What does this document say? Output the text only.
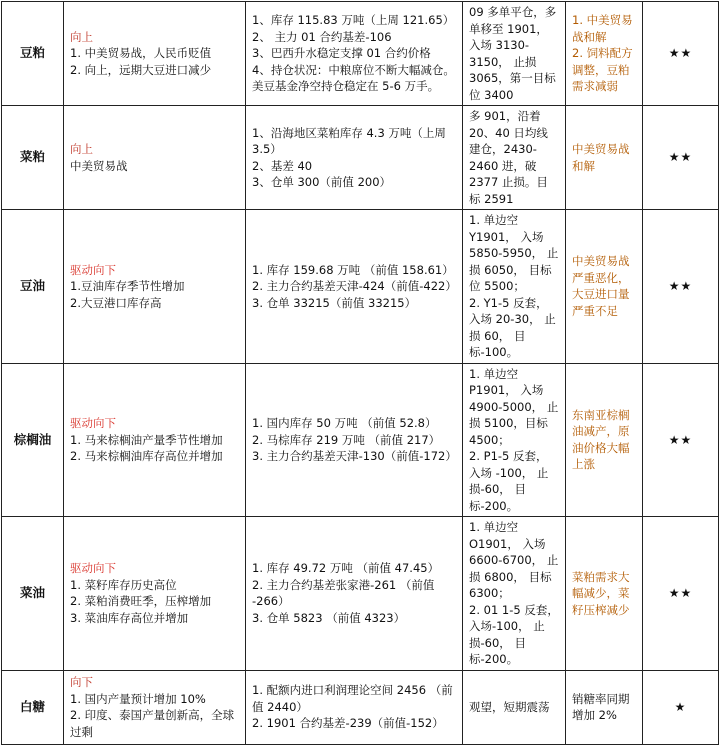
豆粕	向上
1. 中美贸易战，人民币贬值
2. 向上，远期大豆进口减少	1、库存 115.83 万吨（上周 121.65）
2、 主力 01 合约基差-106
3、巴西升水稳定支撑 01 合约价格
4、持仓状况：中粮席位不断大幅减仓。
美豆基金净空持仓稳定在 5-6 万手。	09 多单平仓，多单移至 1901， 入场 3130-3150， 止损 3065，第一目标位 3400	1. 中美贸易战和解
2. 饲料配方调整，豆粕需求减弱	★★
菜粕	向上
中美贸易战	1、沿海地区菜粕库存 4.3 万吨（上周 3.5）
2、基差 40
3、仓单 300（前值 200）	多 901，沿着 20、40 日均线建仓，2430-2460 进，破 2377 止损。目标 2591	中美贸易战和解	★★
豆油	驱动向下
1.豆油库存季节性增加
2.大豆港口库存高	1. 库存 159.68 万吨 （前值 158.61）
2. 主力合约基差天津-424（前值-422）
3. 仓单 33215（前值 33215）	1. 单边空 Y1901， 入场 5850-5950， 止损 6050， 目标位 5500；
2. Y1-5 反套， 入场 20-30， 止损 60， 目标-100。	中美贸易战严重恶化，大豆进口量严重不足	★★
棕榈油	驱动向下
1. 马来棕榈油产量季节性增加
2. 马来棕榈油库存高位并增加	1. 国内库存 50 万吨 （前值 52.8）
2. 马棕库存 219 万吨 （前值 217）
3. 主力合约基差天津-130（前值-172）	1. 单边空 P1901， 入场 4900-5000， 止损 5100，目标 4500；
2. P1-5 反套， 入场 -100， 止损-60， 目标-200。	东南亚棕榈油减产，原油价格大幅上涨	★★
菜油	驱动向下
1. 菜籽库存历史高位
2. 菜粕消费旺季，压榨增加
3. 菜油库存高位并增加	1. 库存 49.72 万吨 （前值 47.45）
2. 主力合约基差张家港-261 （前值 -266）
3. 仓单 5823 （前值 4323）	1. 单边空 O1901， 入场 6600-6700， 止损 6800， 目标 6300；
2. 01 1-5 反套， 入场-100， 止损-60， 目标-200。	菜粕需求大幅减少，菜籽压榨减少	★★
白糖	向下
1. 国内产量预计增加 10%
2. 印度、泰国产量创新高，全球过剩	1. 配额内进口利润理论空间 2456 （前值 2440）
2. 1901 合约基差-239（前值-152）	观望，短期震荡	销糖率同期增加 2%	★
